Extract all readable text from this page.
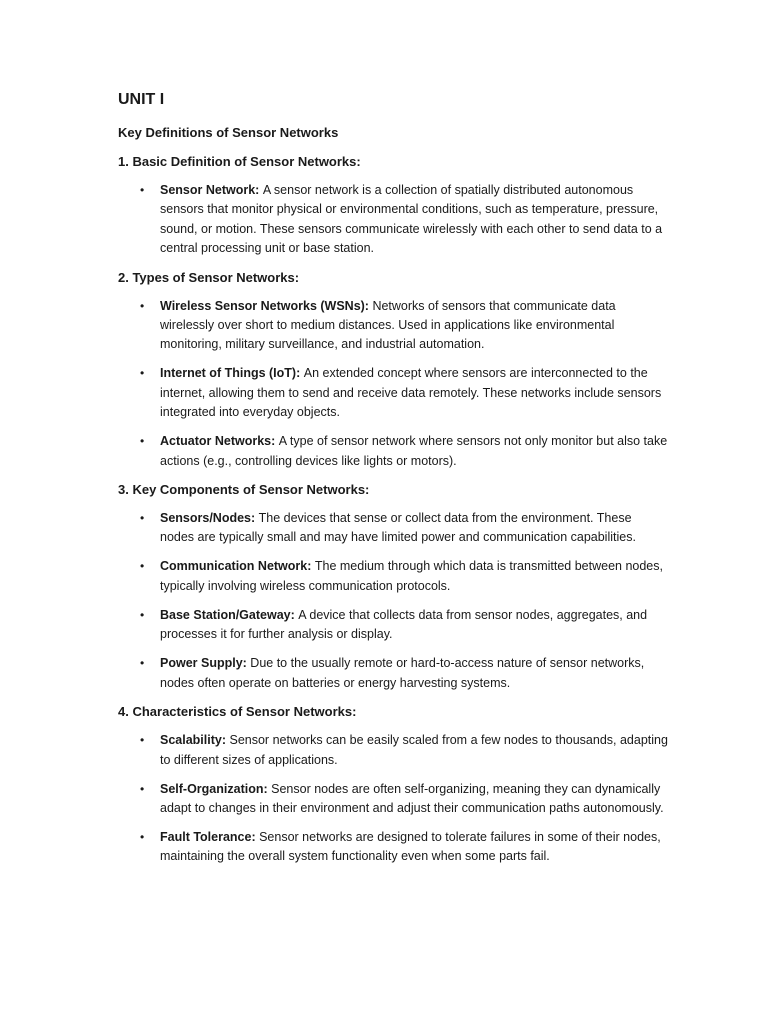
UNIT I
Key Definitions of Sensor Networks
1. Basic Definition of Sensor Networks:
• Sensor Network: A sensor network is a collection of spatially distributed autonomous sensors that monitor physical or environmental conditions, such as temperature, pressure, sound, or motion. These sensors communicate wirelessly with each other to send data to a central processing unit or base station.
2. Types of Sensor Networks:
• Wireless Sensor Networks (WSNs): Networks of sensors that communicate data wirelessly over short to medium distances. Used in applications like environmental monitoring, military surveillance, and industrial automation.
• Internet of Things (IoT): An extended concept where sensors are interconnected to the internet, allowing them to send and receive data remotely. These networks include sensors integrated into everyday objects.
• Actuator Networks: A type of sensor network where sensors not only monitor but also take actions (e.g., controlling devices like lights or motors).
3. Key Components of Sensor Networks:
• Sensors/Nodes: The devices that sense or collect data from the environment. These nodes are typically small and may have limited power and communication capabilities.
• Communication Network: The medium through which data is transmitted between nodes, typically involving wireless communication protocols.
• Base Station/Gateway: A device that collects data from sensor nodes, aggregates, and processes it for further analysis or display.
• Power Supply: Due to the usually remote or hard-to-access nature of sensor networks, nodes often operate on batteries or energy harvesting systems.
4. Characteristics of Sensor Networks:
• Scalability: Sensor networks can be easily scaled from a few nodes to thousands, adapting to different sizes of applications.
• Self-Organization: Sensor nodes are often self-organizing, meaning they can dynamically adapt to changes in their environment and adjust their communication paths autonomously.
• Fault Tolerance: Sensor networks are designed to tolerate failures in some of their nodes, maintaining the overall system functionality even when some parts fail.
